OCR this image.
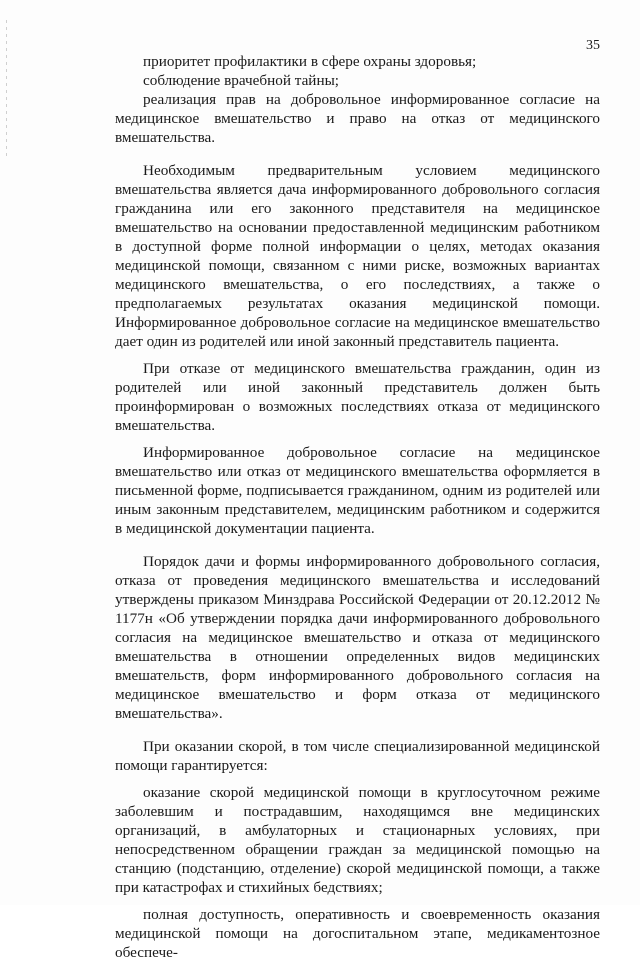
35

приоритет профилактики в сфере охраны здоровья;

соблюдение врачебной тайны;

реализация прав на добровольное информированное согласие на медицинское вмешательство и право на отказ от медицинского вмешательства.

Необходимым предварительным условием медицинского вмешательства является дача информированного добровольного согласия гражданина или его законного представителя на медицинское вмешательство на основании предоставленной медицинским работником в доступной форме полной информации о целях, методах оказания медицинской помощи, связанном с ними риске, возможных вариантах медицинского вмешательства, о его последствиях, а также о предполагаемых результатах оказания медицинской помощи. Информированное добровольное согласие на медицинское вмешательство дает один из родителей или иной законный представитель пациента.

При отказе от медицинского вмешательства гражданин, один из родителей или иной законный представитель должен быть проинформирован о возможных последствиях отказа от медицинского вмешательства.

Информированное добровольное согласие на медицинское вмешательство или отказ от медицинского вмешательства оформляется в письменной форме, подписывается гражданином, одним из родителей или иным законным представителем, медицинским работником и содержится в медицинской документации пациента.

Порядок дачи и формы информированного добровольного согласия, отказа от проведения медицинского вмешательства и исследований утверждены приказом Минздрава Российской Федерации от 20.12.2012 № 1177н «Об утверждении порядка дачи информированного добровольного согласия на медицинское вмешательство и отказа от медицинского вмешательства в отношении определенных видов медицинских вмешательств, форм информированного добровольного согласия на медицинское вмешательство и форм отказа от медицинского вмешательства».

При оказании скорой, в том числе специализированной медицинской помощи гарантируется:

оказание скорой медицинской помощи в круглосуточном режиме заболевшим и пострадавшим, находящимся вне медицинских организаций, в амбулаторных и стационарных условиях, при непосредственном обращении граждан за медицинской помощью на станцию (подстанцию, отделение) скорой медицинской помощи, а также при катастрофах и стихийных бедствиях;

полная доступность, оперативность и своевременность оказания медицинской помощи на догоспитальном этапе, медикаментозное обеспече-
